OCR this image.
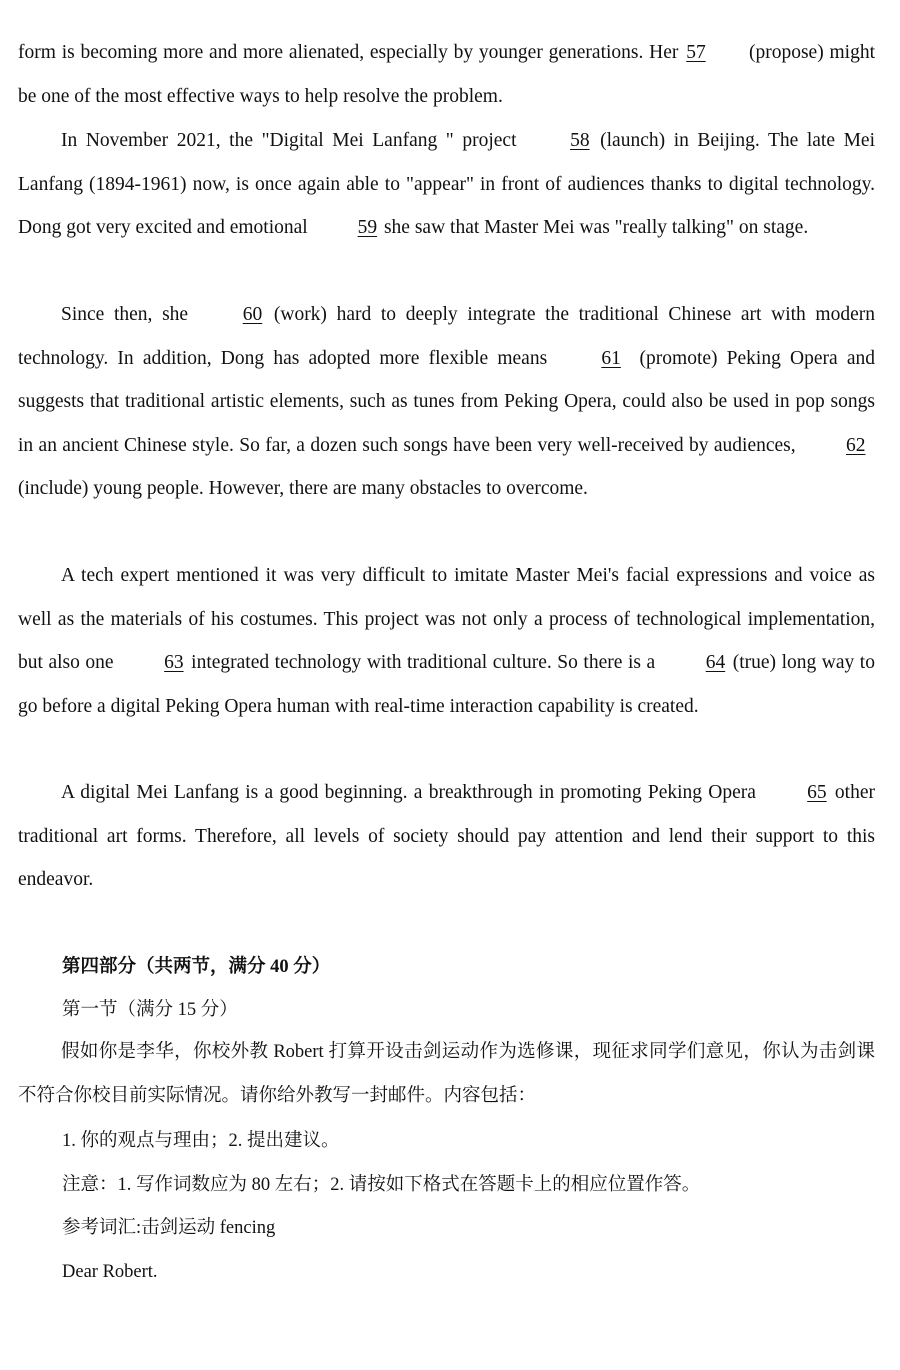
form is becoming more and more alienated, especially by younger generations. Her 57 (propose) might be one of the most effective ways to help resolve the problem.

In November 2021, the "Digital Mei Lanfang " project 58 (launch) in Beijing. The late Mei Lanfang (1894-1961) now, is once again able to "appear" in front of audiences thanks to digital technology. Dong got very excited and emotional 59 she saw that Master Mei was "really talking" on stage.

Since then, she 60 (work) hard to deeply integrate the traditional Chinese art with modern technology. In addition, Dong has adopted more flexible means 61 (promote) Peking Opera and suggests that traditional artistic elements, such as tunes from Peking Opera, could also be used in pop songs in an ancient Chinese style. So far, a dozen such songs have been very well-received by audiences, 62 (include) young people. However, there are many obstacles to overcome.

A tech expert mentioned it was very difficult to imitate Master Mei's facial expressions and voice as well as the materials of his costumes. This project was not only a process of technological implementation, but also one 63 integrated technology with traditional culture. So there is a 64 (true) long way to go before a digital Peking Opera human with real-time interaction capability is created.

A digital Mei Lanfang is a good beginning. a breakthrough in promoting Peking Opera 65 other traditional art forms. Therefore, all levels of society should pay attention and lend their support to this endeavor.

第四部分（共两节，满分 40 分）

第一节（满分 15 分）

假如你是李华，你校外教 Robert 打算开设击剑运动作为选修课，现征求同学们意见，你认为击剑课不符合你校目前实际情况。请你给外教写一封邮件。内容包括：

1. 你的观点与理由；2. 提出建议。

注意：1. 写作词数应为 80 左右；2. 请按如下格式在答题卡上的相应位置作答。

参考词汇:击剑运动 fencing

Dear Robert.
